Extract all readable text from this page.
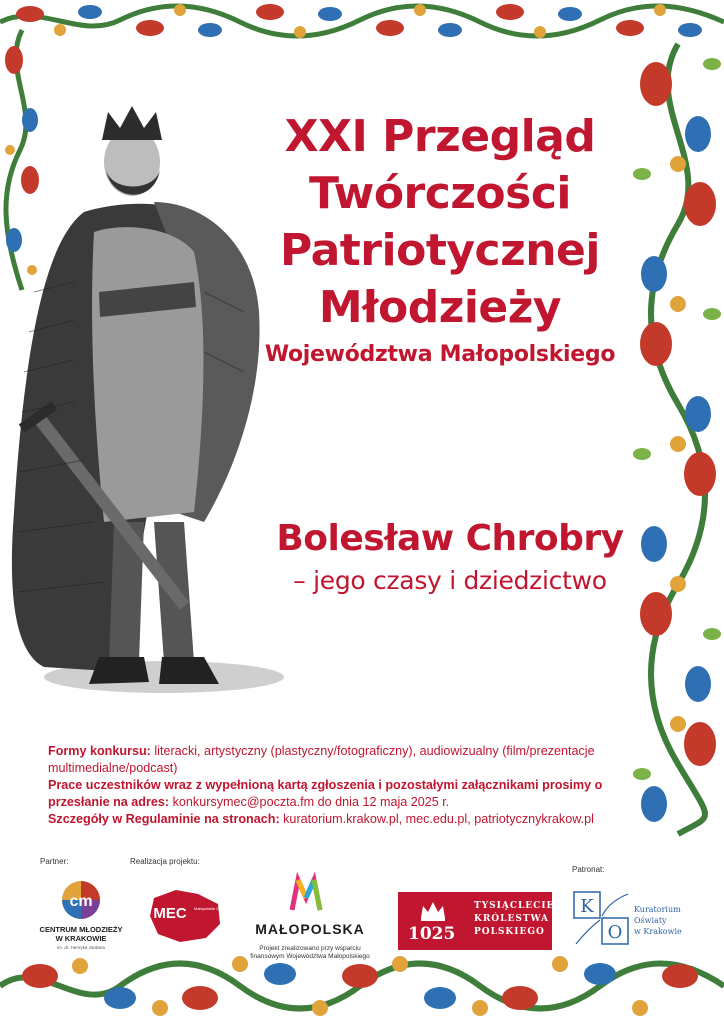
XXI Przegląd
Twórczości
Patriotycznej
Młodzieży
Województwa Małopolskiego
Bolesław Chrobry
– jego czasy i dziedzictwo

Formy konkursu: literacki, artystyczny (plastyczny/fotograficzny), audiowizualny (film/prezentacje multimedialne/podcast)

Prace uczestników wraz z wypełnioną kartą zgłoszenia i pozostałymi załącznikami prosimy o przesłanie na adres: konkursymec@poczta.fm do dnia 12 maja 2025 r.

Szczegóły w Regulaminie na stronach: kuratorium.krakow.pl, mec.edu.pl, patriotycznykrakow.pl

Partner:	Realizacja projektu:
Patronat:
cm
CENTRUM MŁODZIEŻY
W KRAKOWIE
im. dr. Henryka Jordana
MEC Małopolskie Centrum Edukacji
MAŁOPOLSKA
Projekt zrealizowano przy wsparciu
finansowym Województwa Małopolskiego
1025
TYSIĄCLECIE
KRÓLESTWA
POLSKIEGO
K
O
Kuratorium
Oświaty
w Krakowie
